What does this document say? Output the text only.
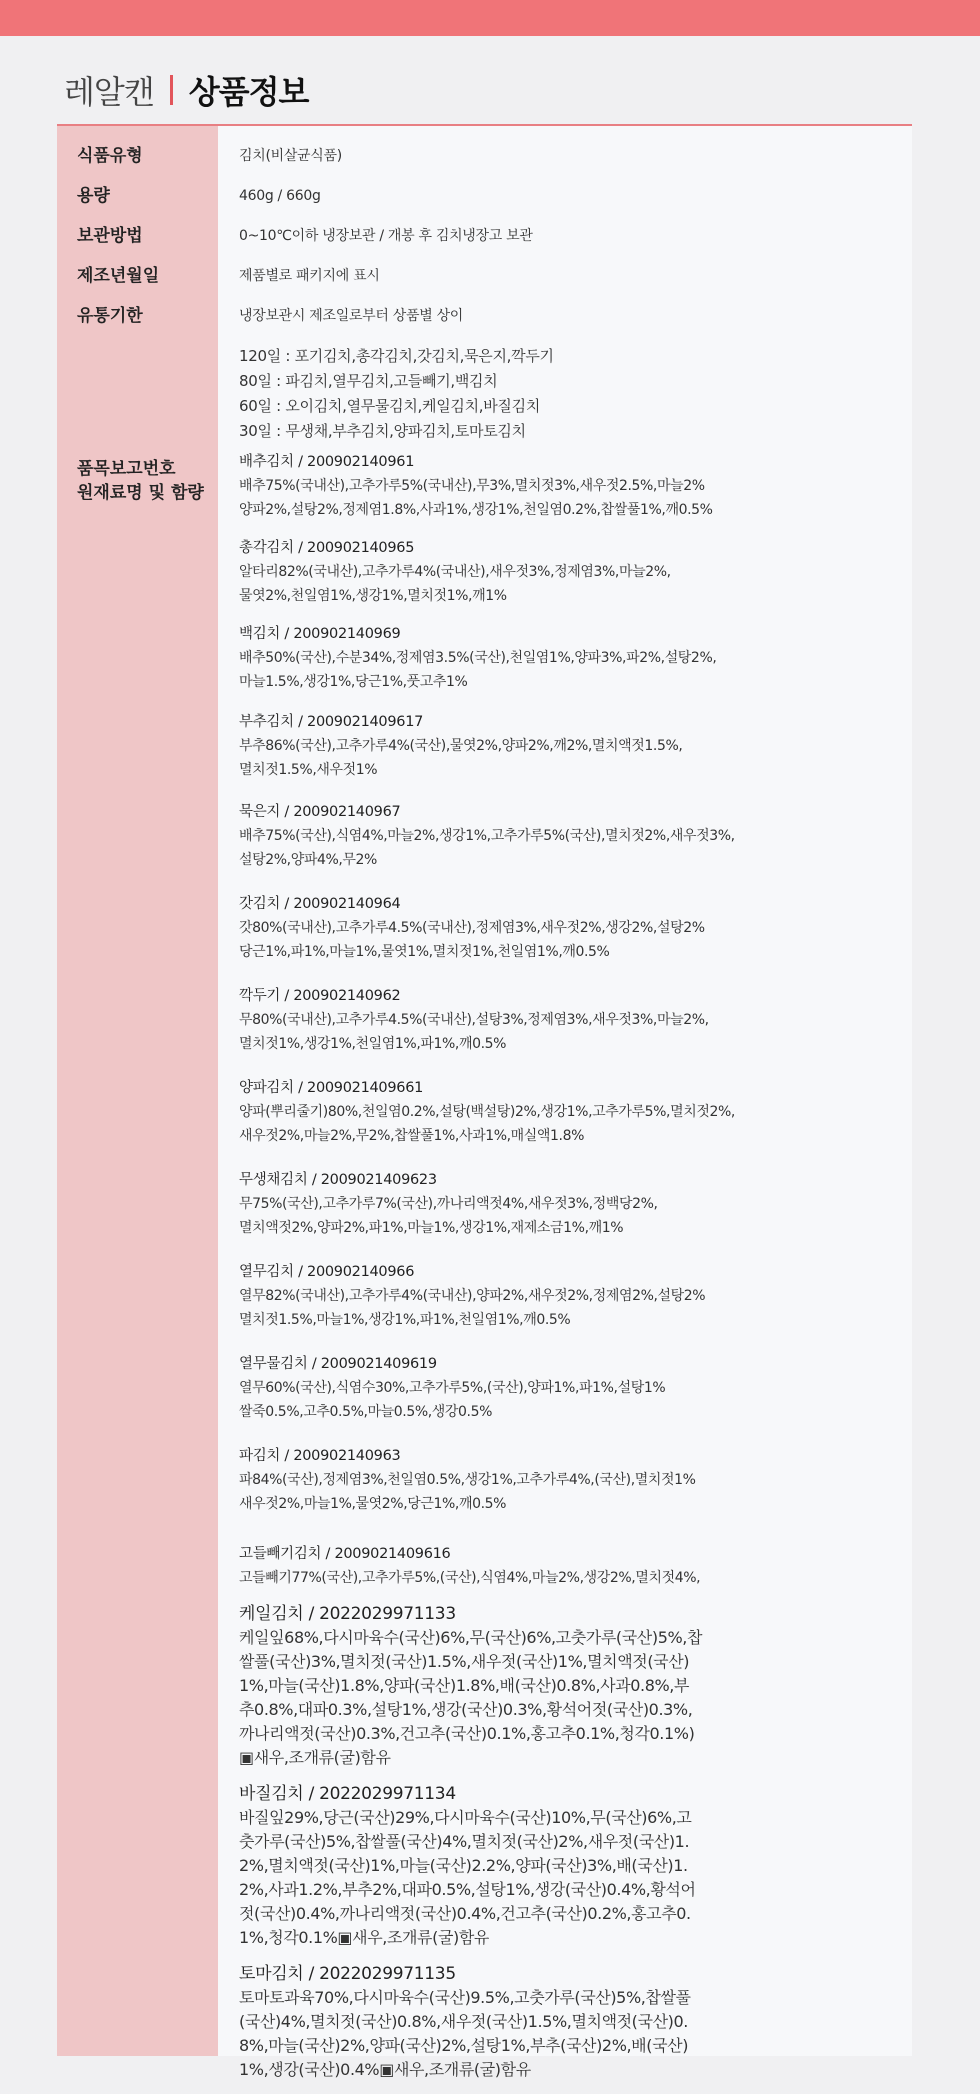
레알캔 상품정보
식품유형
용량
보관방법
제조년월일
유통기한
품목보고번호
원재료명 및 함량
김치(비살균식품)
460g / 660g
0~10℃이하 냉장보관 / 개봉 후 김치냉장고 보관
제품별로 패키지에 표시
냉장보관시 제조일로부터 상품별 상이
120일 : 포기김치,총각김치,갓김치,묵은지,깍두기
80일 : 파김치,열무김치,고들빼기,백김치
60일 : 오이김치,열무물김치,케일김치,바질김치
30일 : 무생채,부추김치,양파김치,토마토김치
배추김치 / 200902140961
배추75%(국내산),고추가루5%(국내산),무3%,멸치젓3%,새우젓2.5%,마늘2%
양파2%,설탕2%,정제염1.8%,사과1%,생강1%,천일염0.2%,찹쌀풀1%,깨0.5%
총각김치 / 200902140965
알타리82%(국내산),고추가루4%(국내산),새우젓3%,정제염3%,마늘2%,
물엿2%,천일염1%,생강1%,멸치젓1%,깨1%
백김치 / 200902140969
배추50%(국산),수분34%,정제염3.5%(국산),천일염1%,양파3%,파2%,설탕2%,
마늘1.5%,생강1%,당근1%,풋고추1%
부추김치 / 2009021409617
부추86%(국산),고추가루4%(국산),물엿2%,양파2%,깨2%,멸치액젓1.5%,
멸치젓1.5%,새우젓1%
묵은지 / 200902140967
배추75%(국산),식염4%,마늘2%,생강1%,고추가루5%(국산),멸치젓2%,새우젓3%,
설탕2%,양파4%,무2%
갓김치 / 200902140964
갓80%(국내산),고추가루4.5%(국내산),정제염3%,새우젓2%,생강2%,설탕2%
당근1%,파1%,마늘1%,물엿1%,멸치젓1%,천일염1%,깨0.5%
깍두기 / 200902140962
무80%(국내산),고추가루4.5%(국내산),설탕3%,정제염3%,새우젓3%,마늘2%,
멸치젓1%,생강1%,천일염1%,파1%,깨0.5%
양파김치 / 2009021409661
양파(뿌리줄기)80%,천일염0.2%,설탕(백설탕)2%,생강1%,고추가루5%,멸치젓2%,
새우젓2%,마늘2%,무2%,찹쌀풀1%,사과1%,매실액1.8%
무생채김치 / 2009021409623
무75%(국산),고추가루7%(국산),까나리액젓4%,새우젓3%,정백당2%,
멸치액젓2%,양파2%,파1%,마늘1%,생강1%,재제소금1%,깨1%
열무김치 / 200902140966
열무82%(국내산),고추가루4%(국내산),양파2%,새우젓2%,정제염2%,설탕2%
멸치젓1.5%,마늘1%,생강1%,파1%,천일염1%,깨0.5%
열무물김치 / 2009021409619
열무60%(국산),식염수30%,고추가루5%,(국산),양파1%,파1%,설탕1%
쌀죽0.5%,고추0.5%,마늘0.5%,생강0.5%
파김치 / 200902140963
파84%(국산),정제염3%,천일염0.5%,생강1%,고추가루4%,(국산),멸치젓1%
새우젓2%,마늘1%,물엿2%,당근1%,깨0.5%
고들빼기김치 / 2009021409616
고들빼기77%(국산),고추가루5%,(국산),식염4%,마늘2%,생강2%,멸치젓4%,
케일김치 / 2022029971133
케일잎68%,다시마육수(국산)6%,무(국산)6%,고춧가루(국산)5%,찹쌀풀(국산)3%,멸치젓(국산)1.5%,새우젓(국산)1%,멸치액젓(국산)1%,마늘(국산)1.8%,양파(국산)1.8%,배(국산)0.8%,사과0.8%,부추0.8%,대파0.3%,설탕1%,생강(국산)0.3%,황석어젓(국산)0.3%,까나리액젓(국산)0.3%,건고추(국산)0.1%,홍고추0.1%,청각0.1%)▣새우,조개류(굴)함유
바질김치 / 2022029971134
바질잎29%,당근(국산)29%,다시마육수(국산)10%,무(국산)6%,고춧가루(국산)5%,찹쌀풀(국산)4%,멸치젓(국산)2%,새우젓(국산)1.2%,멸치액젓(국산)1%,마늘(국산)2.2%,양파(국산)3%,배(국산)1.2%,사과1.2%,부추2%,대파0.5%,설탕1%,생강(국산)0.4%,황석어젓(국산)0.4%,까나리액젓(국산)0.4%,건고추(국산)0.2%,홍고추0.1%,청각0.1%▣새우,조개류(굴)함유
토마김치 / 2022029971135
토마토과육70%,다시마육수(국산)9.5%,고춧가루(국산)5%,찹쌀풀(국산)4%,멸치젓(국산)0.8%,새우젓(국산)1.5%,멸치액젓(국산)0.8%,마늘(국산)2%,양파(국산)2%,설탕1%,부추(국산)2%,배(국산)1%,생강(국산)0.4%▣새우,조개류(굴)함유
